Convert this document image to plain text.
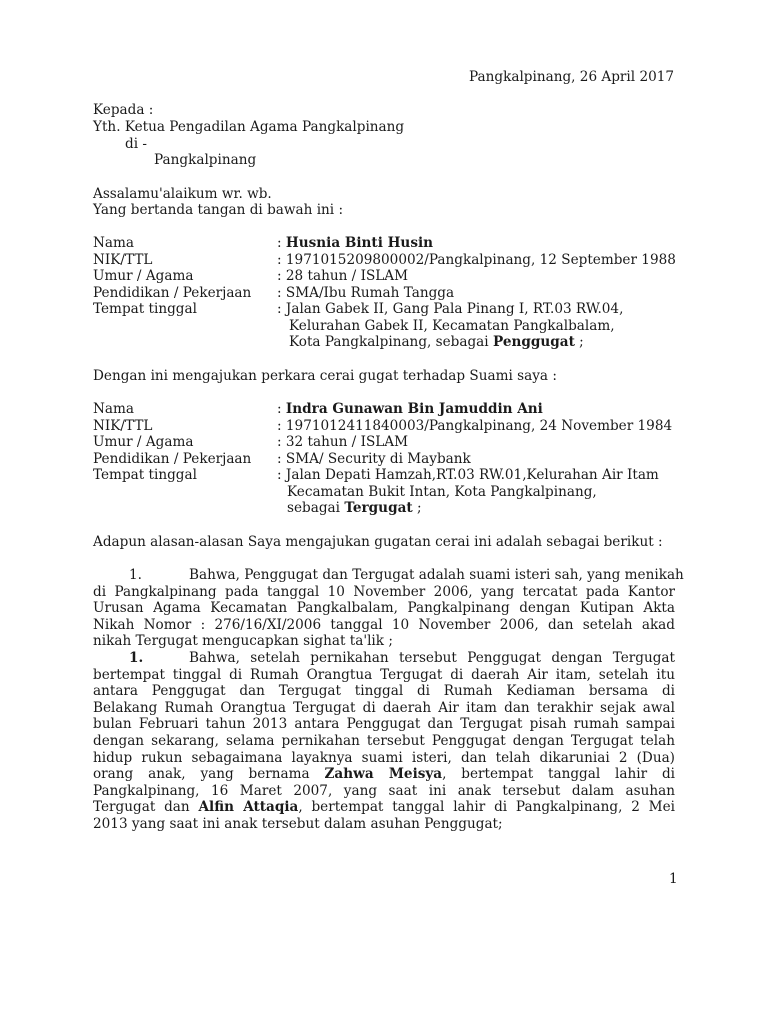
Pangkalpinang, 26 April 2017
Kepada :
Yth. Ketua Pengadilan Agama Pangkalpinang
di -
Pangkalpinang
Assalamu'alaikum wr. wb.
Yang bertanda tangan di bawah ini :
Nama	: Husnia Binti Husin
NIK/TTL	: 1971015209800002/Pangkalpinang, 12 September 1988
Umur / Agama	: 28 tahun / ISLAM
Pendidikan / Pekerjaan : SMA/Ibu Rumah Tangga
Tempat tinggal	: Jalan Gabek II, Gang Pala Pinang I, RT.03 RW.04,
Kelurahan Gabek II, Kecamatan Pangkalbalam,
Kota Pangkalpinang, sebagai Penggugat ;
Dengan ini mengajukan perkara cerai gugat terhadap Suami saya :
Nama	: Indra Gunawan Bin Jamuddin Ani
NIK/TTL	: 1971012411840003/Pangkalpinang, 24 November 1984
Umur / Agama	: 32 tahun / ISLAM
Pendidikan / Pekerjaan : SMA/ Security di Maybank
Tempat tinggal	: Jalan Depati Hamzah,RT.03 RW.01,Kelurahan Air Itam
Kecamatan Bukit Intan, Kota Pangkalpinang,
sebagai Tergugat ;
Adapun alasan-alasan Saya mengajukan gugatan cerai ini adalah sebagai berikut :
1.	Bahwa, Penggugat dan Tergugat adalah suami isteri sah, yang menikah
di Pangkalpinang pada tanggal 10 November 2006, yang tercatat pada Kantor
Urusan Agama Kecamatan Pangkalbalam, Pangkalpinang dengan Kutipan Akta
Nikah Nomor : 276/16/XI/2006 tanggal 10 November 2006, dan setelah akad
nikah Tergugat mengucapkan sighat ta'lik ;
1.	Bahwa, setelah pernikahan tersebut Penggugat dengan Tergugat
bertempat tinggal di Rumah Orangtua Tergugat di daerah Air itam, setelah itu
antara Penggugat dan Tergugat tinggal di Rumah Kediaman bersama di
Belakang Rumah Orangtua Tergugat di daerah Air itam dan terakhir sejak awal
bulan Februari tahun 2013 antara Penggugat dan Tergugat pisah rumah sampai
dengan sekarang, selama pernikahan tersebut Penggugat dengan Tergugat telah
hidup rukun sebagaimana layaknya suami isteri, dan telah dikaruniai 2 (Dua)
orang anak, yang bernama Zahwa Meisya, bertempat tanggal lahir di
Pangkalpinang, 16 Maret 2007, yang saat ini anak tersebut dalam asuhan
Tergugat dan Alfin Attaqia, bertempat tanggal lahir di Pangkalpinang, 2 Mei
2013 yang saat ini anak tersebut dalam asuhan Penggugat;
1
